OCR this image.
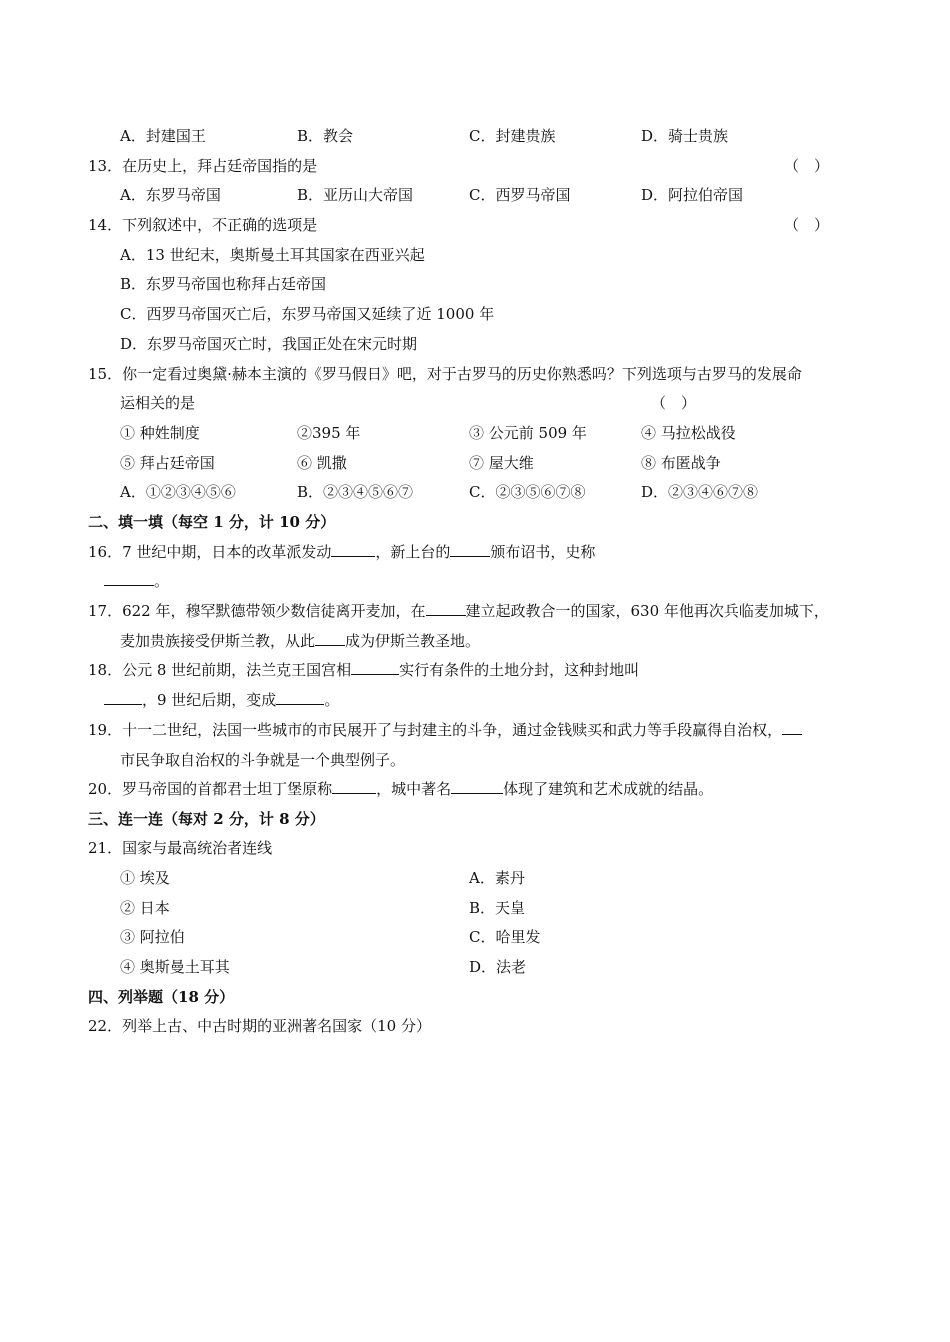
A．封建国王	B．教会	C．封建贵族	D．骑士贵族
13．在历史上，拜占廷帝国指的是	（　）
A．东罗马帝国	B．亚历山大帝国	C．西罗马帝国	D．阿拉伯帝国
14．下列叙述中，不正确的选项是	（　）
A．13 世纪末，奥斯曼土耳其国家在西亚兴起
B．东罗马帝国也称拜占廷帝国
C．西罗马帝国灭亡后，东罗马帝国又延续了近 1000 年
D．东罗马帝国灭亡时，我国正处在宋元时期
15．你一定看过奥黛·赫本主演的《罗马假日》吧，对于古罗马的历史你熟悉吗？下列选项与古罗马的发展命
运相关的是	（　）
① 种姓制度	②395 年	③ 公元前 509 年	④ 马拉松战役
⑤ 拜占廷帝国	⑥ 凯撒	⑦ 屋大维	⑧ 布匿战争
A．①②③④⑤⑥	B．②③④⑤⑥⑦	C．②③⑤⑥⑦⑧	D．②③④⑥⑦⑧
二、填一填（每空 1 分，计 10 分）
16．7 世纪中期，日本的改革派发动	，新上台的	颁布诏书，史称
。
17．622 年，穆罕默德带领少数信徒离开麦加，在	建立起政教合一的国家，630 年他再次兵临麦加城下，
麦加贵族接受伊斯兰教，从此 成为伊斯兰教圣地。
18．公元 8 世纪前期，法兰克王国宫相	实行有条件的土地分封，这种封地叫
，9 世纪后期，变成	。
19．十一二世纪，法国一些城市的市民展开了与封建主的斗争，通过金钱赎买和武力等手段赢得自治权，
市民争取自治权的斗争就是一个典型例子。
20．罗马帝国的首都君士坦丁堡原称	，城中著名	体现了建筑和艺术成就的结晶。
三、连一连（每对 2 分，计 8 分）
21．国家与最高统治者连线
① 埃及	A．素丹
② 日本	B．天皇
③ 阿拉伯	C．哈里发
④ 奥斯曼土耳其	D．法老
四、列举题（18 分）
22．列举上古、中古时期的亚洲著名国家（10 分）
